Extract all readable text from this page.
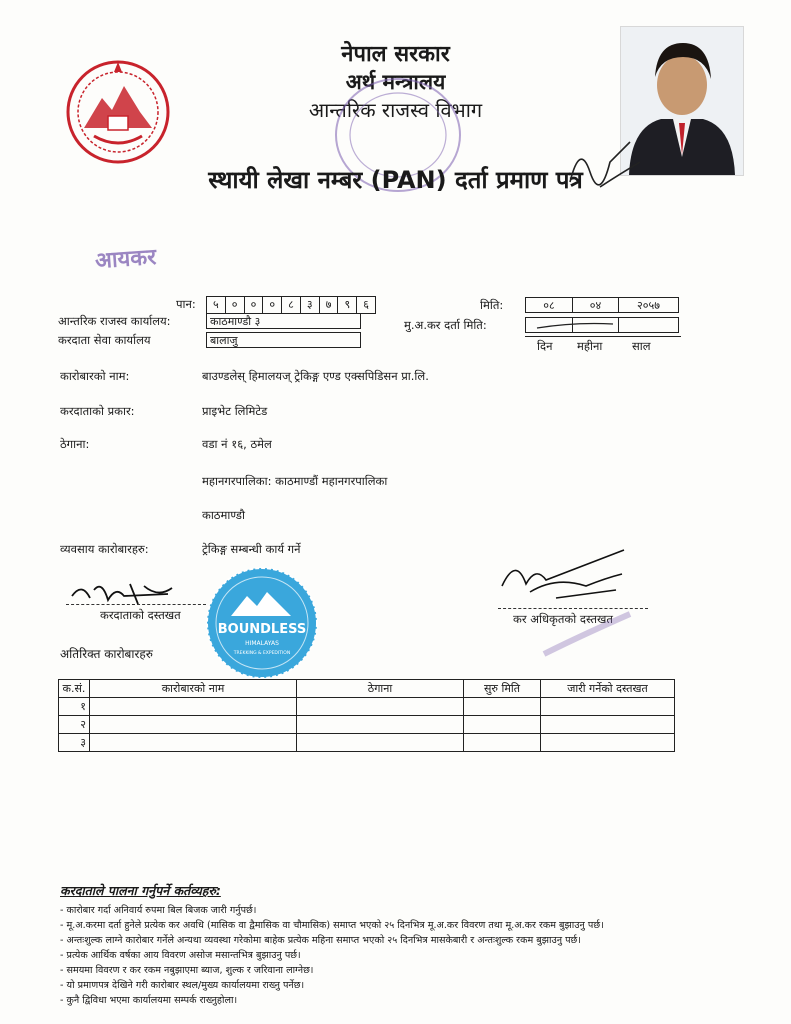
नेपाल सरकार
अर्थ मन्त्रालय
आन्तरिक राजस्व विभाग
स्थायी लेखा नम्बर (PAN) दर्ता प्रमाण पत्र
आयकर
पान:	५	०	०	०	८	३	७	९	६
आन्तरिक राजस्व कार्यालय:	काठमाण्डौ ३
करदाता सेवा कार्यालय	बालाजु
मिति:	०८	०४	२०५७
मु.अ.कर दर्ता मिति:
दिन महीना	साल
कारोबारको नाम:	बाउण्डलेस् हिमालयज् ट्रेकिङ्ग एण्ड एक्सपिडिसन प्रा.लि.
करदाताको प्रकार:	प्राइभेट लिमिटेड
ठेगाना:	वडा नं १६, ठमेल
महानगरपालिका: काठमाण्डौं महानगरपालिका
काठमाण्डौ
व्यवसाय कारोबारहरु:	ट्रेकिङ्ग सम्बन्धी कार्य गर्ने
करदाताको दस्तखत	कर अधिकृतको दस्तखत
BOUNDLESS
HIMALAYAS
TREKKING & EXPEDITION
अतिरिक्त कारोबारहरु
क.सं.	कारोबारको नाम	ठेगाना	सुरु मिति	जारी गर्नेको दस्तखत
१				
२				
३				
करदाताले पालना गर्नुपर्ने कर्तव्यहरु:
- कारोबार गर्दा अनिवार्य रुपमा बिल बिजक जारी गर्नुपर्छ।
- मू.अ.करमा दर्ता हुनेले प्रत्येक कर अवधि (मासिक वा द्वैमासिक वा चौमासिक) समाप्त भएको २५ दिनभित्र मू.अ.कर विवरण तथा मू.अ.कर रकम बुझाउनु पर्छ।
- अन्तःशुल्क लाग्ने कारोबार गर्नेले अन्यथा व्यवस्था गरेकोमा बाहेक प्रत्येक महिना समाप्त भएको २५ दिनभित्र मासकेबारी र अन्तःशुल्क रकम बुझाउनु पर्छ।
- प्रत्येक आर्थिक वर्षका आय विवरण असोज मसान्तभित्र बुझाउनु पर्छ।
- समयमा विवरण र कर रकम नबुझाएमा ब्याज, शुल्क र जरिवाना लाग्नेछ।
- यो प्रमाणपत्र देखिने गरी कारोबार स्थल/मुख्य कार्यालयमा राख्नु पर्नेछ।
- कुनै द्विविधा भएमा कार्यालयमा सम्पर्क राख्नुहोला।
